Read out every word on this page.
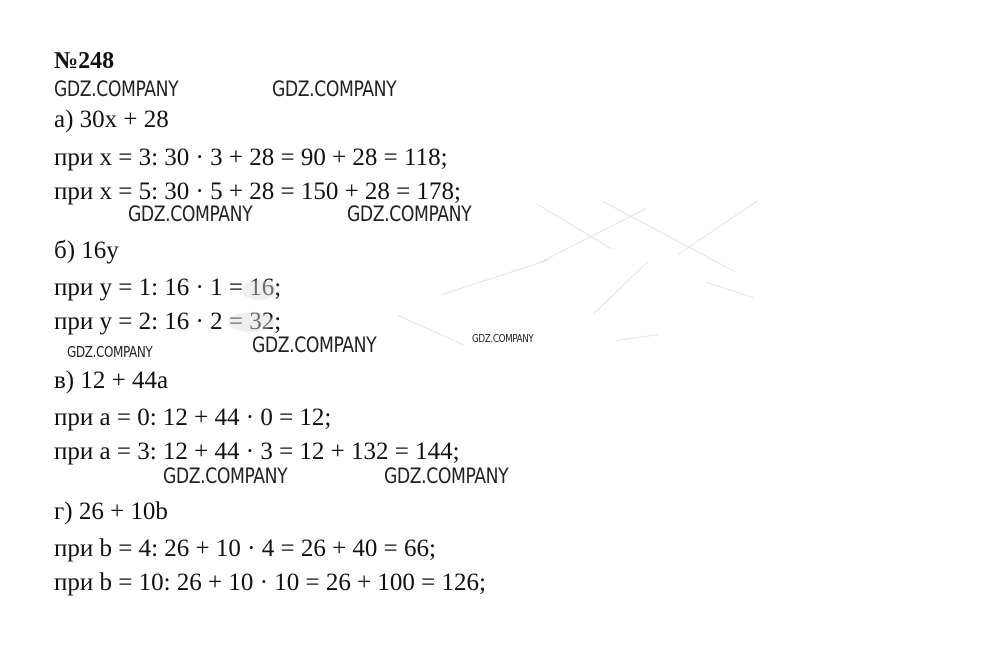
№248
а) 30x + 28
при x = 3: 30 · 3 + 28 = 90 + 28 = 118;
при x = 5: 30 · 5 + 28 = 150 + 28 = 178;
б) 16y
при y = 1: 16 · 1 = 16;
при y = 2: 16 · 2 = 32;
в) 12 + 44a
при a = 0: 12 + 44 · 0 = 12;
при a = 3: 12 + 44 · 3 = 12 + 132 = 144;
г) 26 + 10b
при b = 4: 26 + 10 · 4 = 26 + 40 = 66;
при b = 10: 26 + 10 · 10 = 26 + 100 = 126;
GDZ.COMPANY	GDZ.COMPANY
GDZ.COMPANY	GDZ.COMPANY
GDZ.COMPANY	GDZ.COMPANY	GDZ.COMPANY
GDZ.COMPANY	GDZ.COMPANY
